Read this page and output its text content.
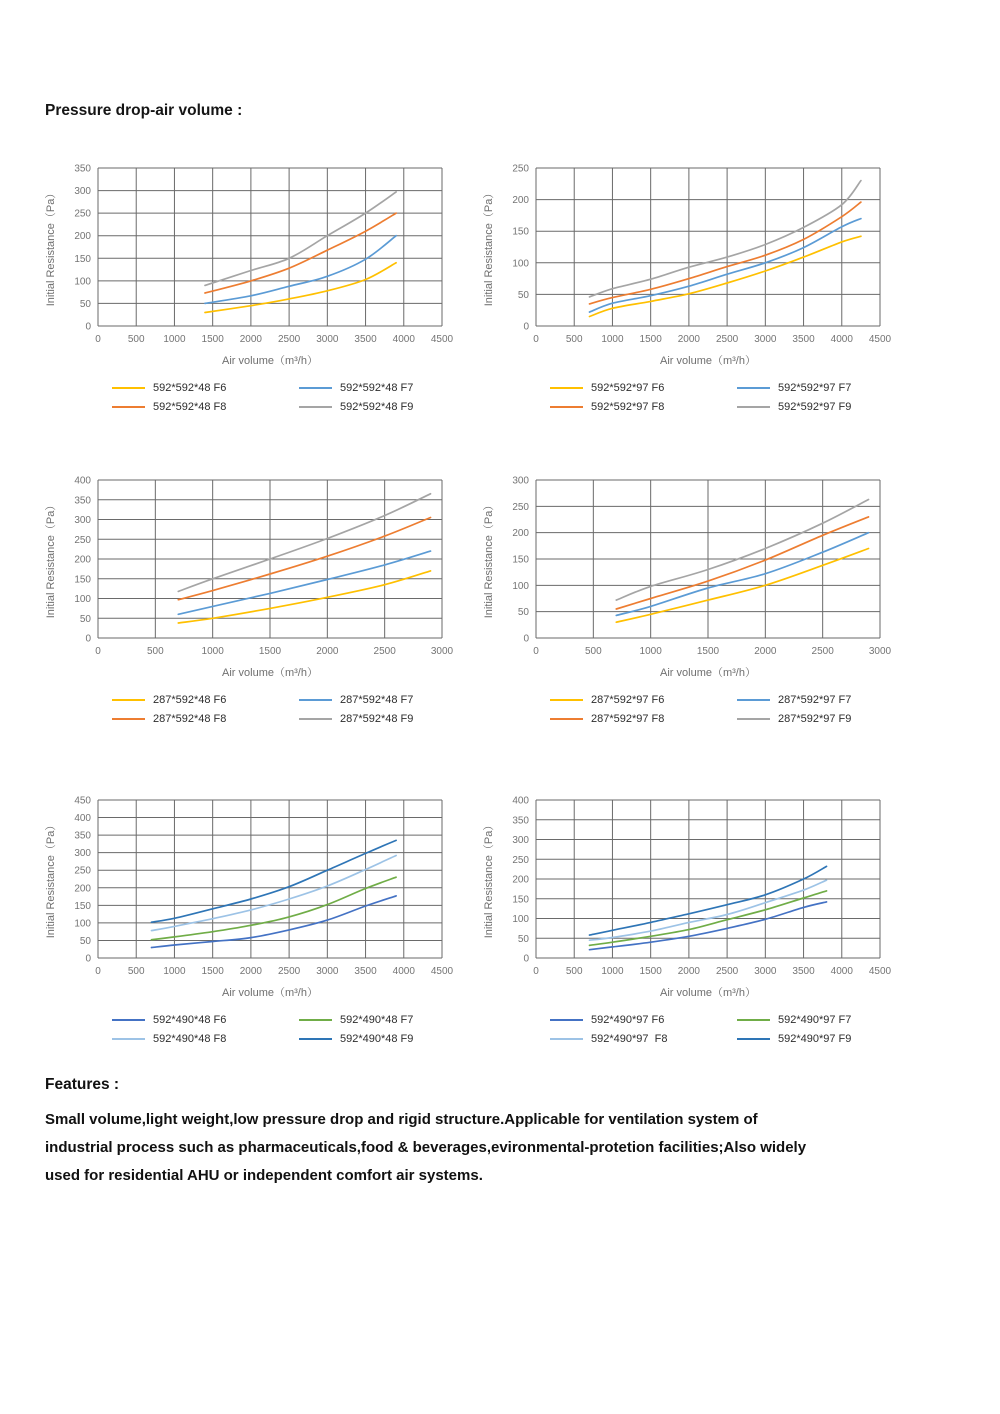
Pressure drop-air volume :
0	500 1000 1500 2000 2500 3000 3500 4000 4500
0
50
100
150
200
250
300
350
Air volume（m³/h）
Initial Resistance（Pa）
592*592*48 F6	592*592*48 F7
592*592*48 F8	592*592*48 F9
0	500 1000 1500 2000 2500 3000 3500 4000 4500
0
50
100
150
200
250
Air volume（m³/h）
Initial Resistance（Pa）
592*592*97 F6	592*592*97 F7
592*592*97 F8	592*592*97 F9
0	500	1000	1500	2000	2500	3000
0
50
100
150
200
250
300
350
400
Air volume（m³/h）
Initial Resistance（Pa）
287*592*48 F6	287*592*48 F7
287*592*48 F8	287*592*48 F9
0	500	1000	1500	2000	2500	3000
0
50
100
150
200
250
300
Air volume（m³/h）
Initial Resistance（Pa）
287*592*97 F6	287*592*97 F7
287*592*97 F8	287*592*97 F9
0	500 1000 1500 2000 2500 3000 3500 4000 4500
0
50
100
150
200
250
300
350
400
450
Air volume（m³/h）
Initial Resistance（Pa）
592*490*48 F6	592*490*48 F7
592*490*48 F8	592*490*48 F9
0	500 1000 1500 2000 2500 3000 3500 4000 4500
0
50
100
150
200
250
300
350
400
Air volume（m³/h）
Initial Resistance（Pa）
592*490*97 F6	592*490*97 F7
592*490*97  F8	592*490*97 F9
Features :

Small volume,light weight,low pressure drop and rigid structure.Applicable for ventilation system of industrial process such as pharmaceuticals,food & beverages,evironmental-protetion facilities;Also widely used for residential AHU or independent comfort air systems.
